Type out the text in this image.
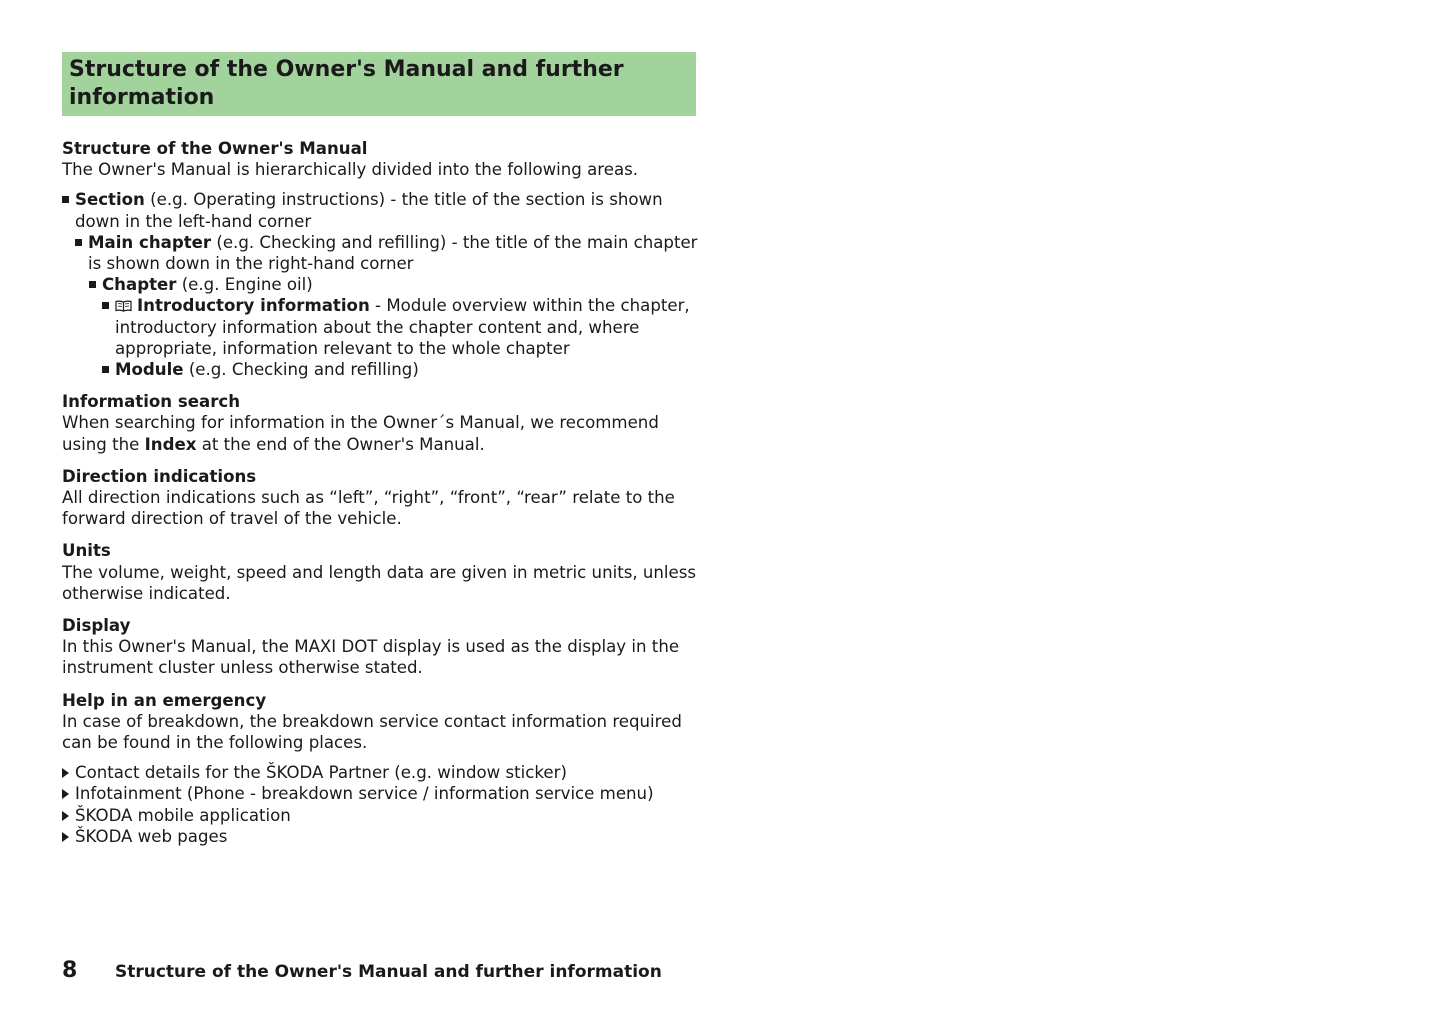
Structure of the Owner's Manual and further information

Structure of the Owner's Manual

The Owner's Manual is hierarchically divided into the following areas.

Section (e.g. Operating instructions) - the title of the section is shown down in the left-hand corner
Main chapter (e.g. Checking and refilling) - the title of the main chapter is shown down in the right-hand corner
Chapter (e.g. Engine oil)
Introductory information - Module overview within the chapter, introductory information about the chapter content and, where appropriate, information relevant to the whole chapter
Module (e.g. Checking and refilling)

Information search

When searching for information in the Owner´s Manual, we recommend using the Index at the end of the Owner's Manual.

Direction indications

All direction indications such as “left”, “right”, “front”, “rear” relate to the forward direction of travel of the vehicle.

Units

The volume, weight, speed and length data are given in metric units, unless otherwise indicated.

Display

In this Owner's Manual, the MAXI DOT display is used as the display in the instrument cluster unless otherwise stated.

Help in an emergency

In case of breakdown, the breakdown service contact information required can be found in the following places.

Contact details for the ŠKODA Partner (e.g. window sticker)
Infotainment (Phone - breakdown service / information service menu)
ŠKODA mobile application
ŠKODA web pages
8 Structure of the Owner's Manual and further information
